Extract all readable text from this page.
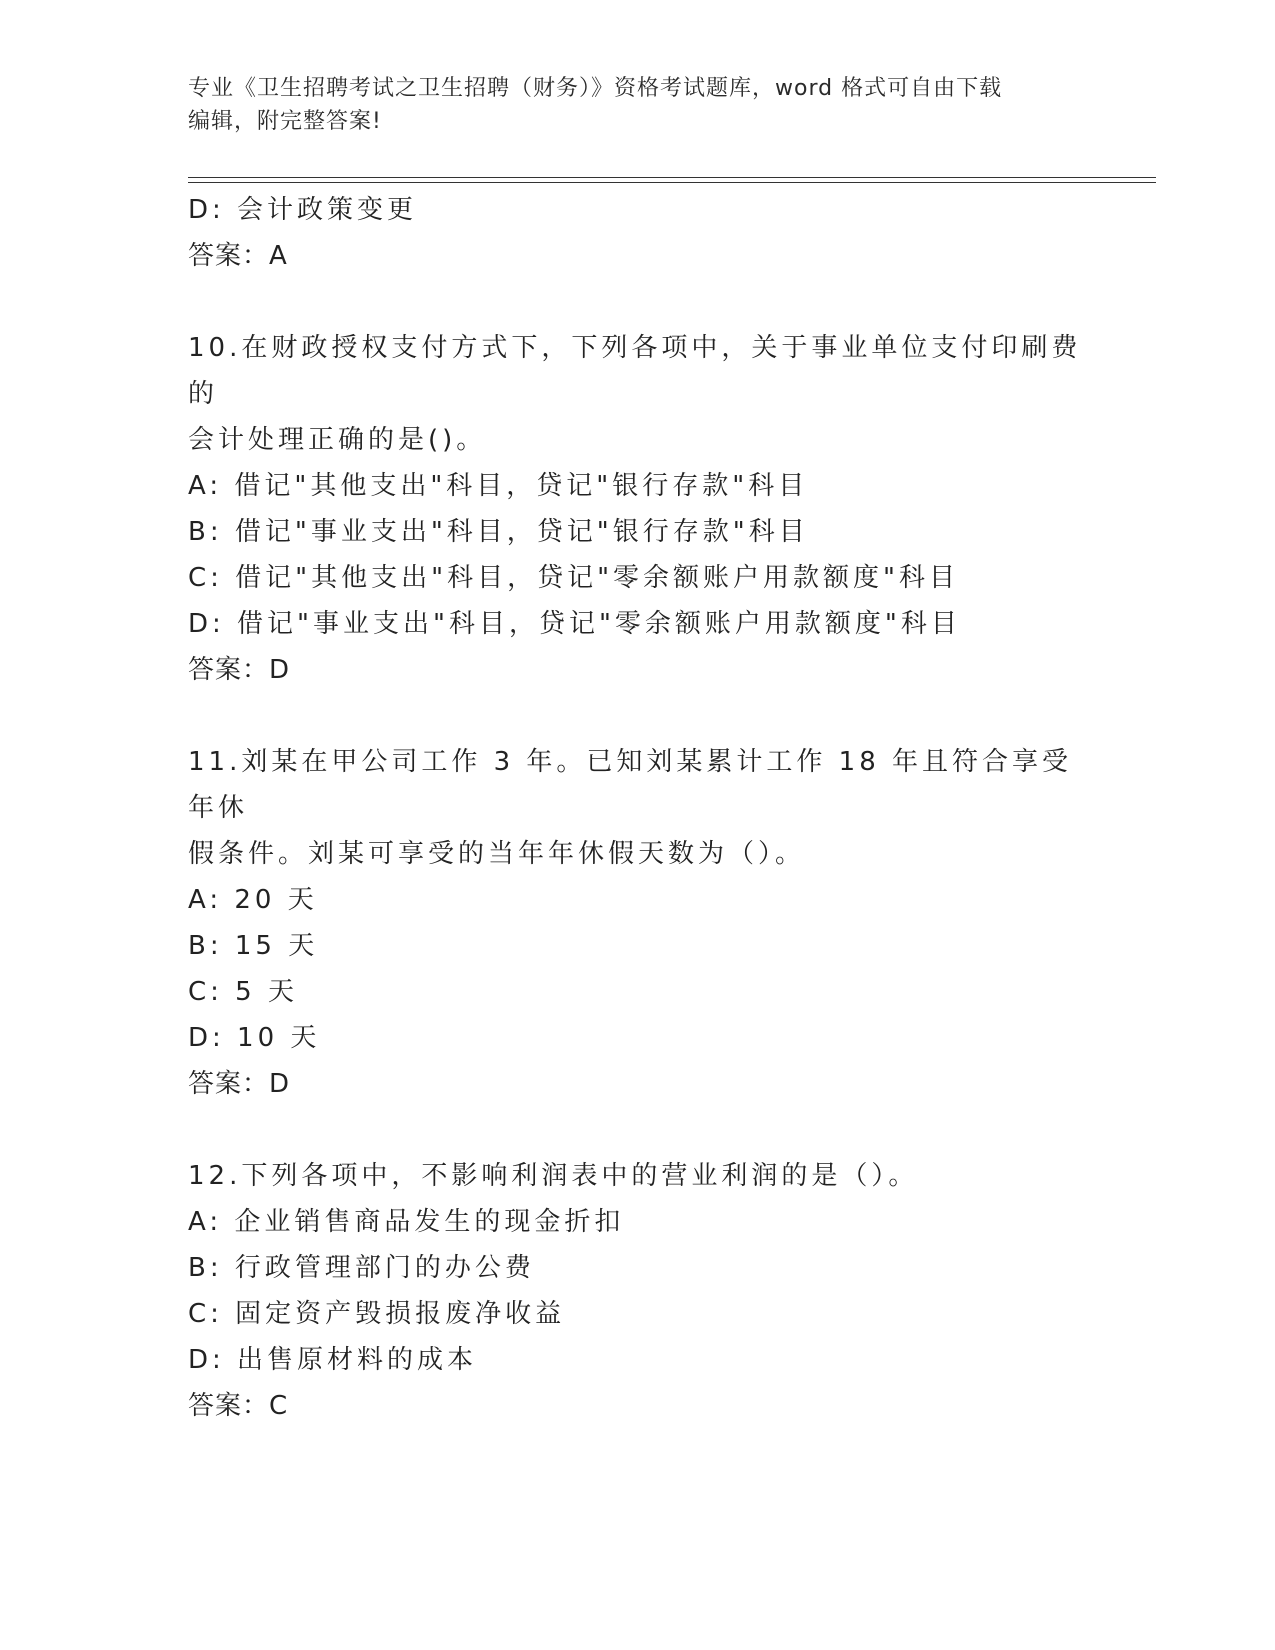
专业《卫生招聘考试之卫生招聘（财务）》资格考试题库，word 格式可自由下载
编辑，附完整答案!
D: 会计政策变更
答案：A
10.在财政授权支付方式下，下列各项中，关于事业单位支付印刷费的
会计处理正确的是()。
A: 借记"其他支出"科目，贷记"银行存款"科目
B: 借记"事业支出"科目，贷记"银行存款"科目
C: 借记"其他支出"科目，贷记"零余额账户用款额度"科目
D: 借记"事业支出"科目，贷记"零余额账户用款额度"科目
答案：D
11.刘某在甲公司工作 3 年。已知刘某累计工作 18 年且符合享受年休
假条件。刘某可享受的当年年休假天数为（）。
A: 20 天
B: 15 天
C: 5 天
D: 10 天
答案：D
12.下列各项中，不影响利润表中的营业利润的是（）。
A: 企业销售商品发生的现金折扣
B: 行政管理部门的办公费
C: 固定资产毁损报废净收益
D: 出售原材料的成本
答案：C
